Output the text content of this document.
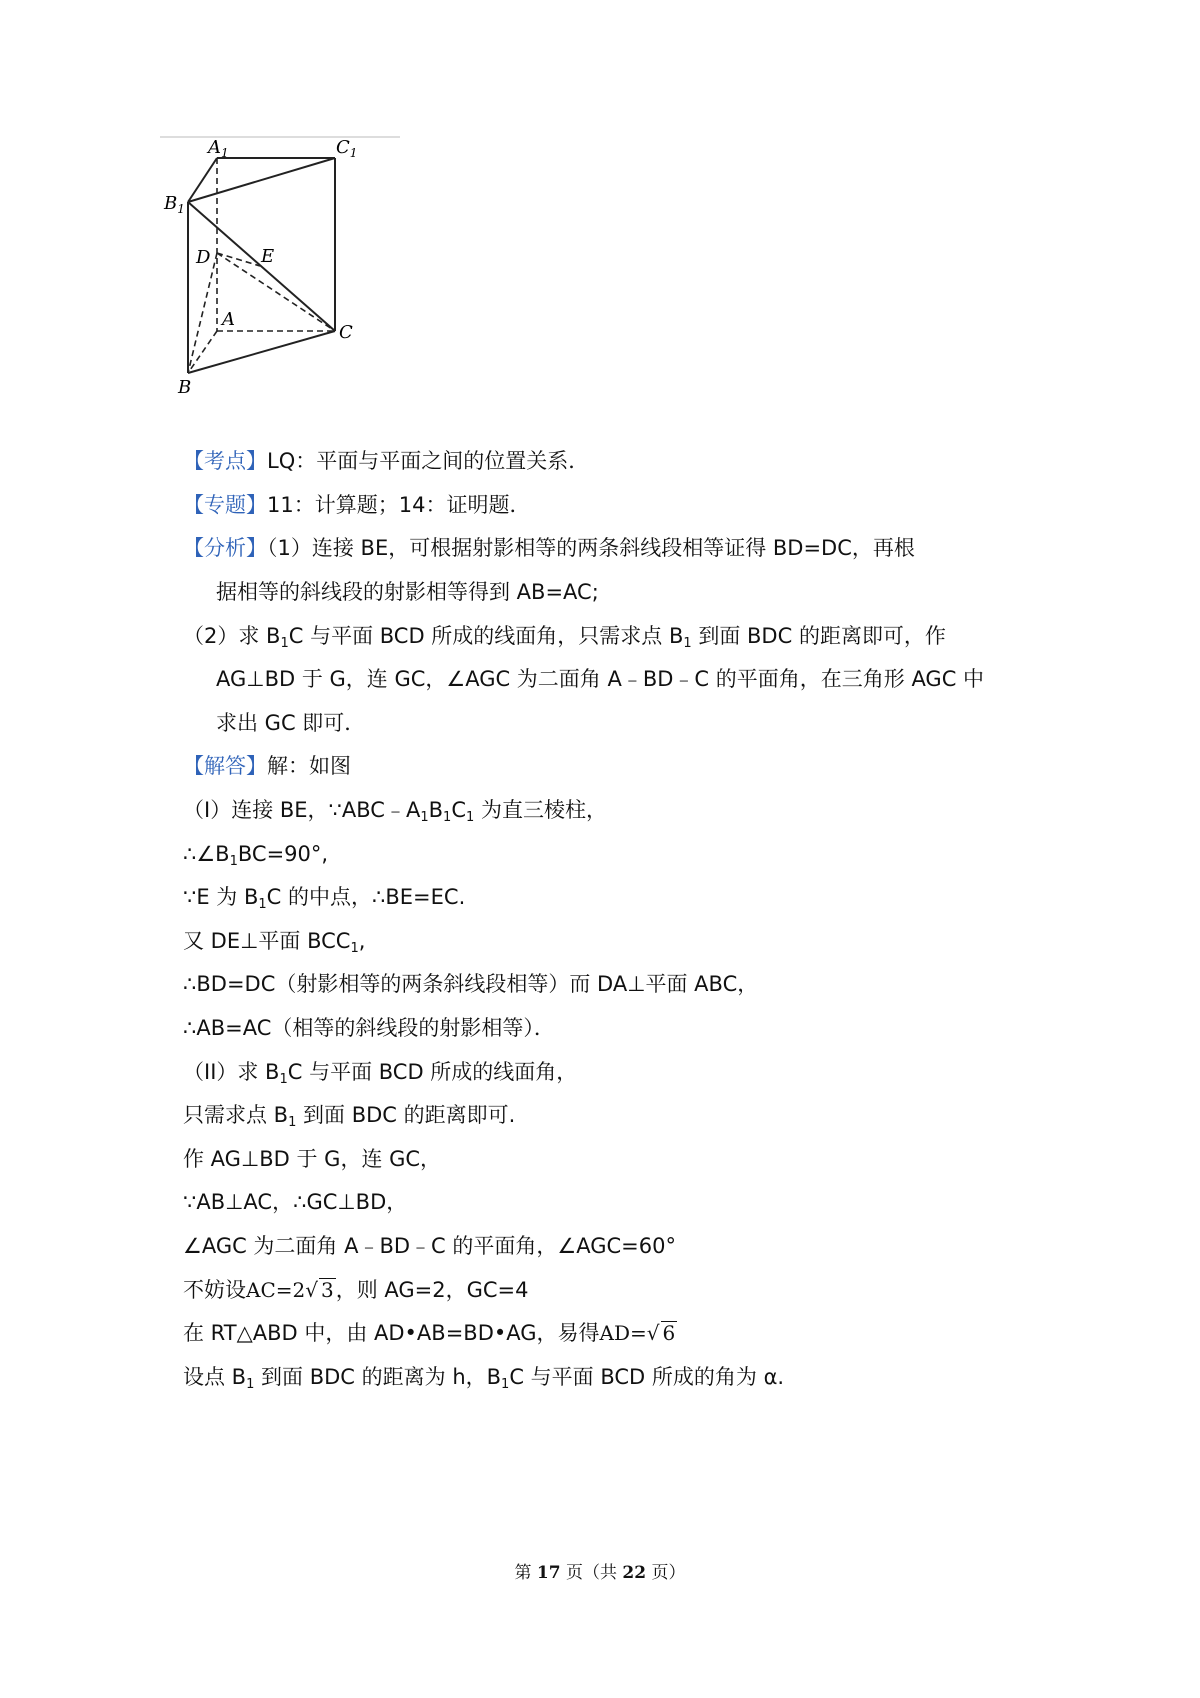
$A_1$	$C_1$
$B_1$
D	E
A
C
B
【考点】LQ：平面与平面之间的位置关系．
【专题】11：计算题；14：证明题．
【分析】（1）连接 BE，可根据射影相等的两条斜线段相等证得 BD=DC，再根
据相等的斜线段的射影相等得到 AB=AC;
（2）求 $B_1C$ 与平面 BCD 所成的线面角，只需求点 $B_1$ 到面 BDC 的距离即可，作
AG⊥BD 于 G，连 GC，∠AGC 为二面角 A﹣BD﹣C 的平面角，在三角形 AGC 中
求出 GC 即可．
【解答】解：如图
（I）连接 BE，$\because ABC﹣A_1B_1C_1$ 为直三棱柱，
$\therefore\angle B_1BC=90^\circ$,
∵E 为 $B_1C$ 的中点，∴BE=EC.
又 DE⊥平面 $BCC_1$,
∴BD=DC（射影相等的两条斜线段相等）而 DA⊥平面 ABC，
∴AB=AC（相等的斜线段的射影相等）．
（II）求 $B_1C$ 与平面 BCD 所成的线面角，
只需求点 $B_1$ 到面 BDC 的距离即可.
作 AG⊥BD 于 G，连 GC，
∵AB⊥AC，∴GC⊥BD，
∠AGC 为二面角 A﹣BD﹣C 的平面角，∠AGC=60°
不妨设AC=2√ 3，则 AG=2，GC=4
在 RT△ABD 中，由 AD•AB=BD•AG，易得AD=√ 6
设点 $B_1$ 到面 BDC 的距离为 h，$B_1C$ 与平面 BCD 所成的角为 α.
第 17 页（共 22 页）
